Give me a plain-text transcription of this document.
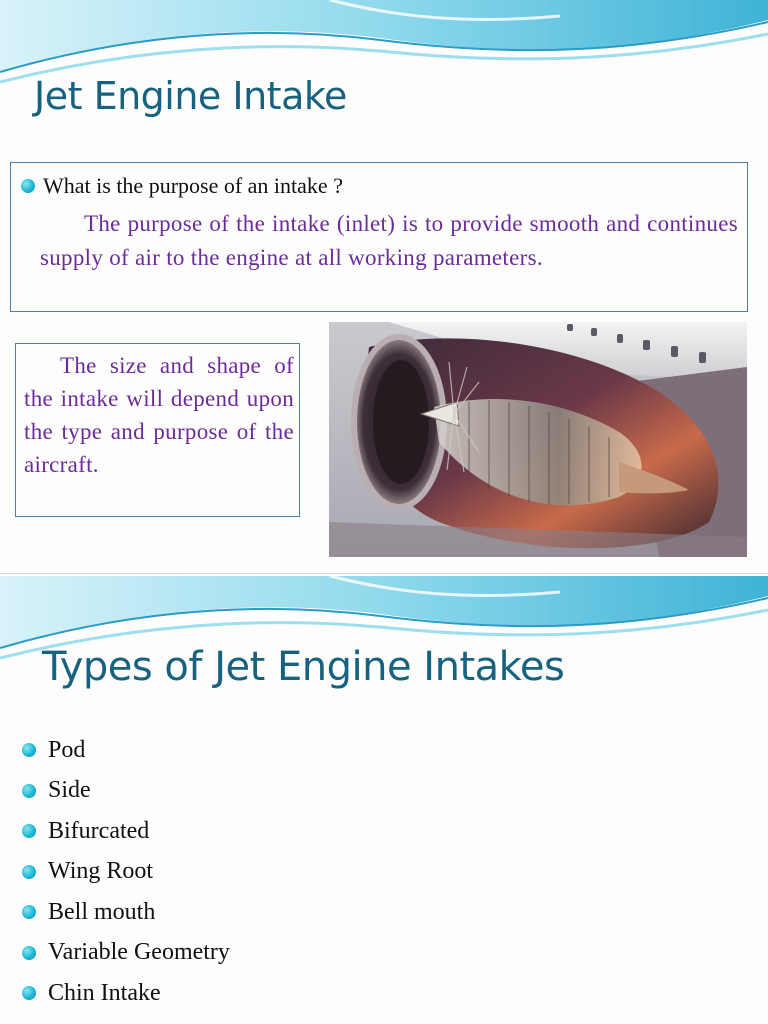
Jet Engine Intake
What is the purpose of an intake ?

The purpose of the intake (inlet) is to provide smooth and continues supply of air to the engine at all working parameters.

The size and shape of the intake will depend upon the type and purpose of the aircraft.

Types of Jet Engine Intakes
Pod
Side
Bifurcated
Wing Root
Bell mouth
Variable Geometry
Chin Intake
